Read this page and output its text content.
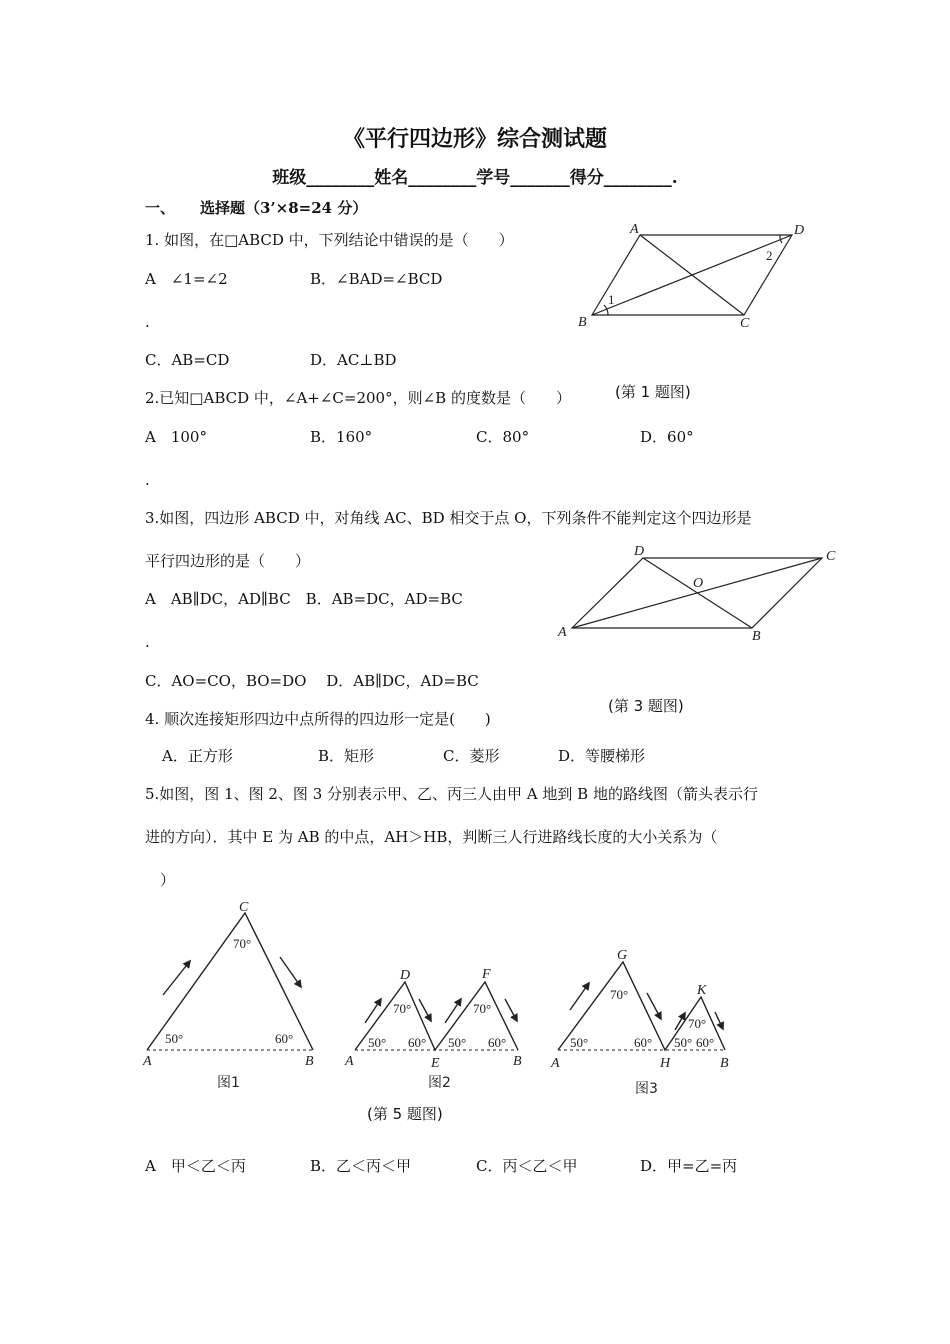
《平行四边形》综合测试题
班级________姓名________学号_______得分________.
一、 选择题（3’×8=24 分）
1. 如图，在□ABCD 中，下列结论中错误的是（　　）
A　∠1=∠2	B．∠BAD=∠BCD
.
C．AB=CD	D．AC⊥BD
A	D
B	C
1
2
(第 1 题图)
2.已知□ABCD 中，∠A+∠C=200°，则∠B 的度数是（　　）
A　100°	B．160°	C．80°	D．60°
.
3.如图，四边形 ABCD 中，对角线 AC、BD 相交于点 O，下列条件不能判定这个四边形是
平行四边形的是（　　）
A　AB∥DC，AD∥BC　B．AB=DC，AD=BC
.
C．AO=CO，BO=DO　 D．AB∥DC，AD=BC
D	C
A	B
O
(第 3 题图)
4. 顺次连接矩形四边中点所得的四边形一定是(　　)
A．正方形	B．矩形	C．菱形	D．等腰梯形
5.如图，图 1、图 2、图 3 分别表示甲、乙、丙三人由甲 A 地到 B 地的路线图（箭头表示行
进的方向）．其中 E 为 AB 的中点，AH＞HB，判断三人行进路线长度的大小关系为（
）
C
A	B
70°
50°	60°
图1
D	F
A	E	B
70°	70°
50° 60° 50° 60°
图2
G
K
A	H	B
70°
70°
50°	60° 50° 60°
图3
(第 5 题图)
A　甲＜乙＜丙	B．乙＜丙＜甲	C．丙＜乙＜甲	D．甲=乙=丙
